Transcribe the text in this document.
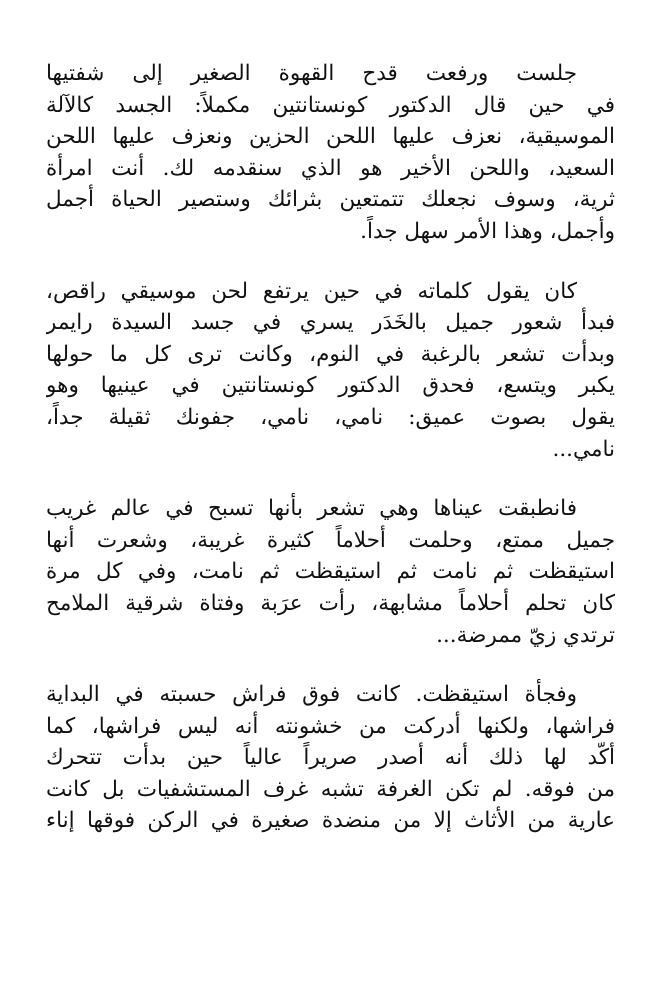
جلست ورفعت قدح القهوة الصغير إلى شفتيها
في حين قال الدكتور كونستانتين مكملاً: الجسد كالآلة
الموسيقية، نعزف عليها اللحن الحزين ونعزف عليها اللحن
السعيد، واللحن الأخير هو الذي سنقدمه لك. أنت امرأة
ثرية، وسوف نجعلك تتمتعين بثرائك وستصير الحياة أجمل
وأجمل، وهذا الأمر سهل جداً.

كان يقول كلماته في حين يرتفع لحن موسيقي راقص،
فبدأ شعور جميل بالخَدَر يسري في جسد السيدة رايمر
وبدأت تشعر بالرغبة في النوم، وكانت ترى كل ما حولها
يكبر ويتسع، فحدق الدكتور كونستانتين في عينيها وهو
يقول بصوت عميق: نامي، نامي، جفونك ثقيلة جداً،
نامي...

فانطبقت عيناها وهي تشعر بأنها تسبح في عالم غريب
جميل ممتع، وحلمت أحلاماً كثيرة غريبة، وشعرت أنها
استيقظت ثم نامت ثم استيقظت ثم نامت، وفي كل مرة
كان تحلم أحلاماً مشابهة، رأت عرَبة وفتاة شرقية الملامح
ترتدي زيّ ممرضة...

وفجأة استيقظت. كانت فوق فراش حسبته في البداية
فراشها، ولكنها أدركت من خشونته أنه ليس فراشها، كما
أكّد لها ذلك أنه أصدر صريراً عالياً حين بدأت تتحرك
من فوقه. لم تكن الغرفة تشبه غرف المستشفيات بل كانت
عارية من الأثاث إلا من منضدة صغيرة في الركن فوقها إناء
